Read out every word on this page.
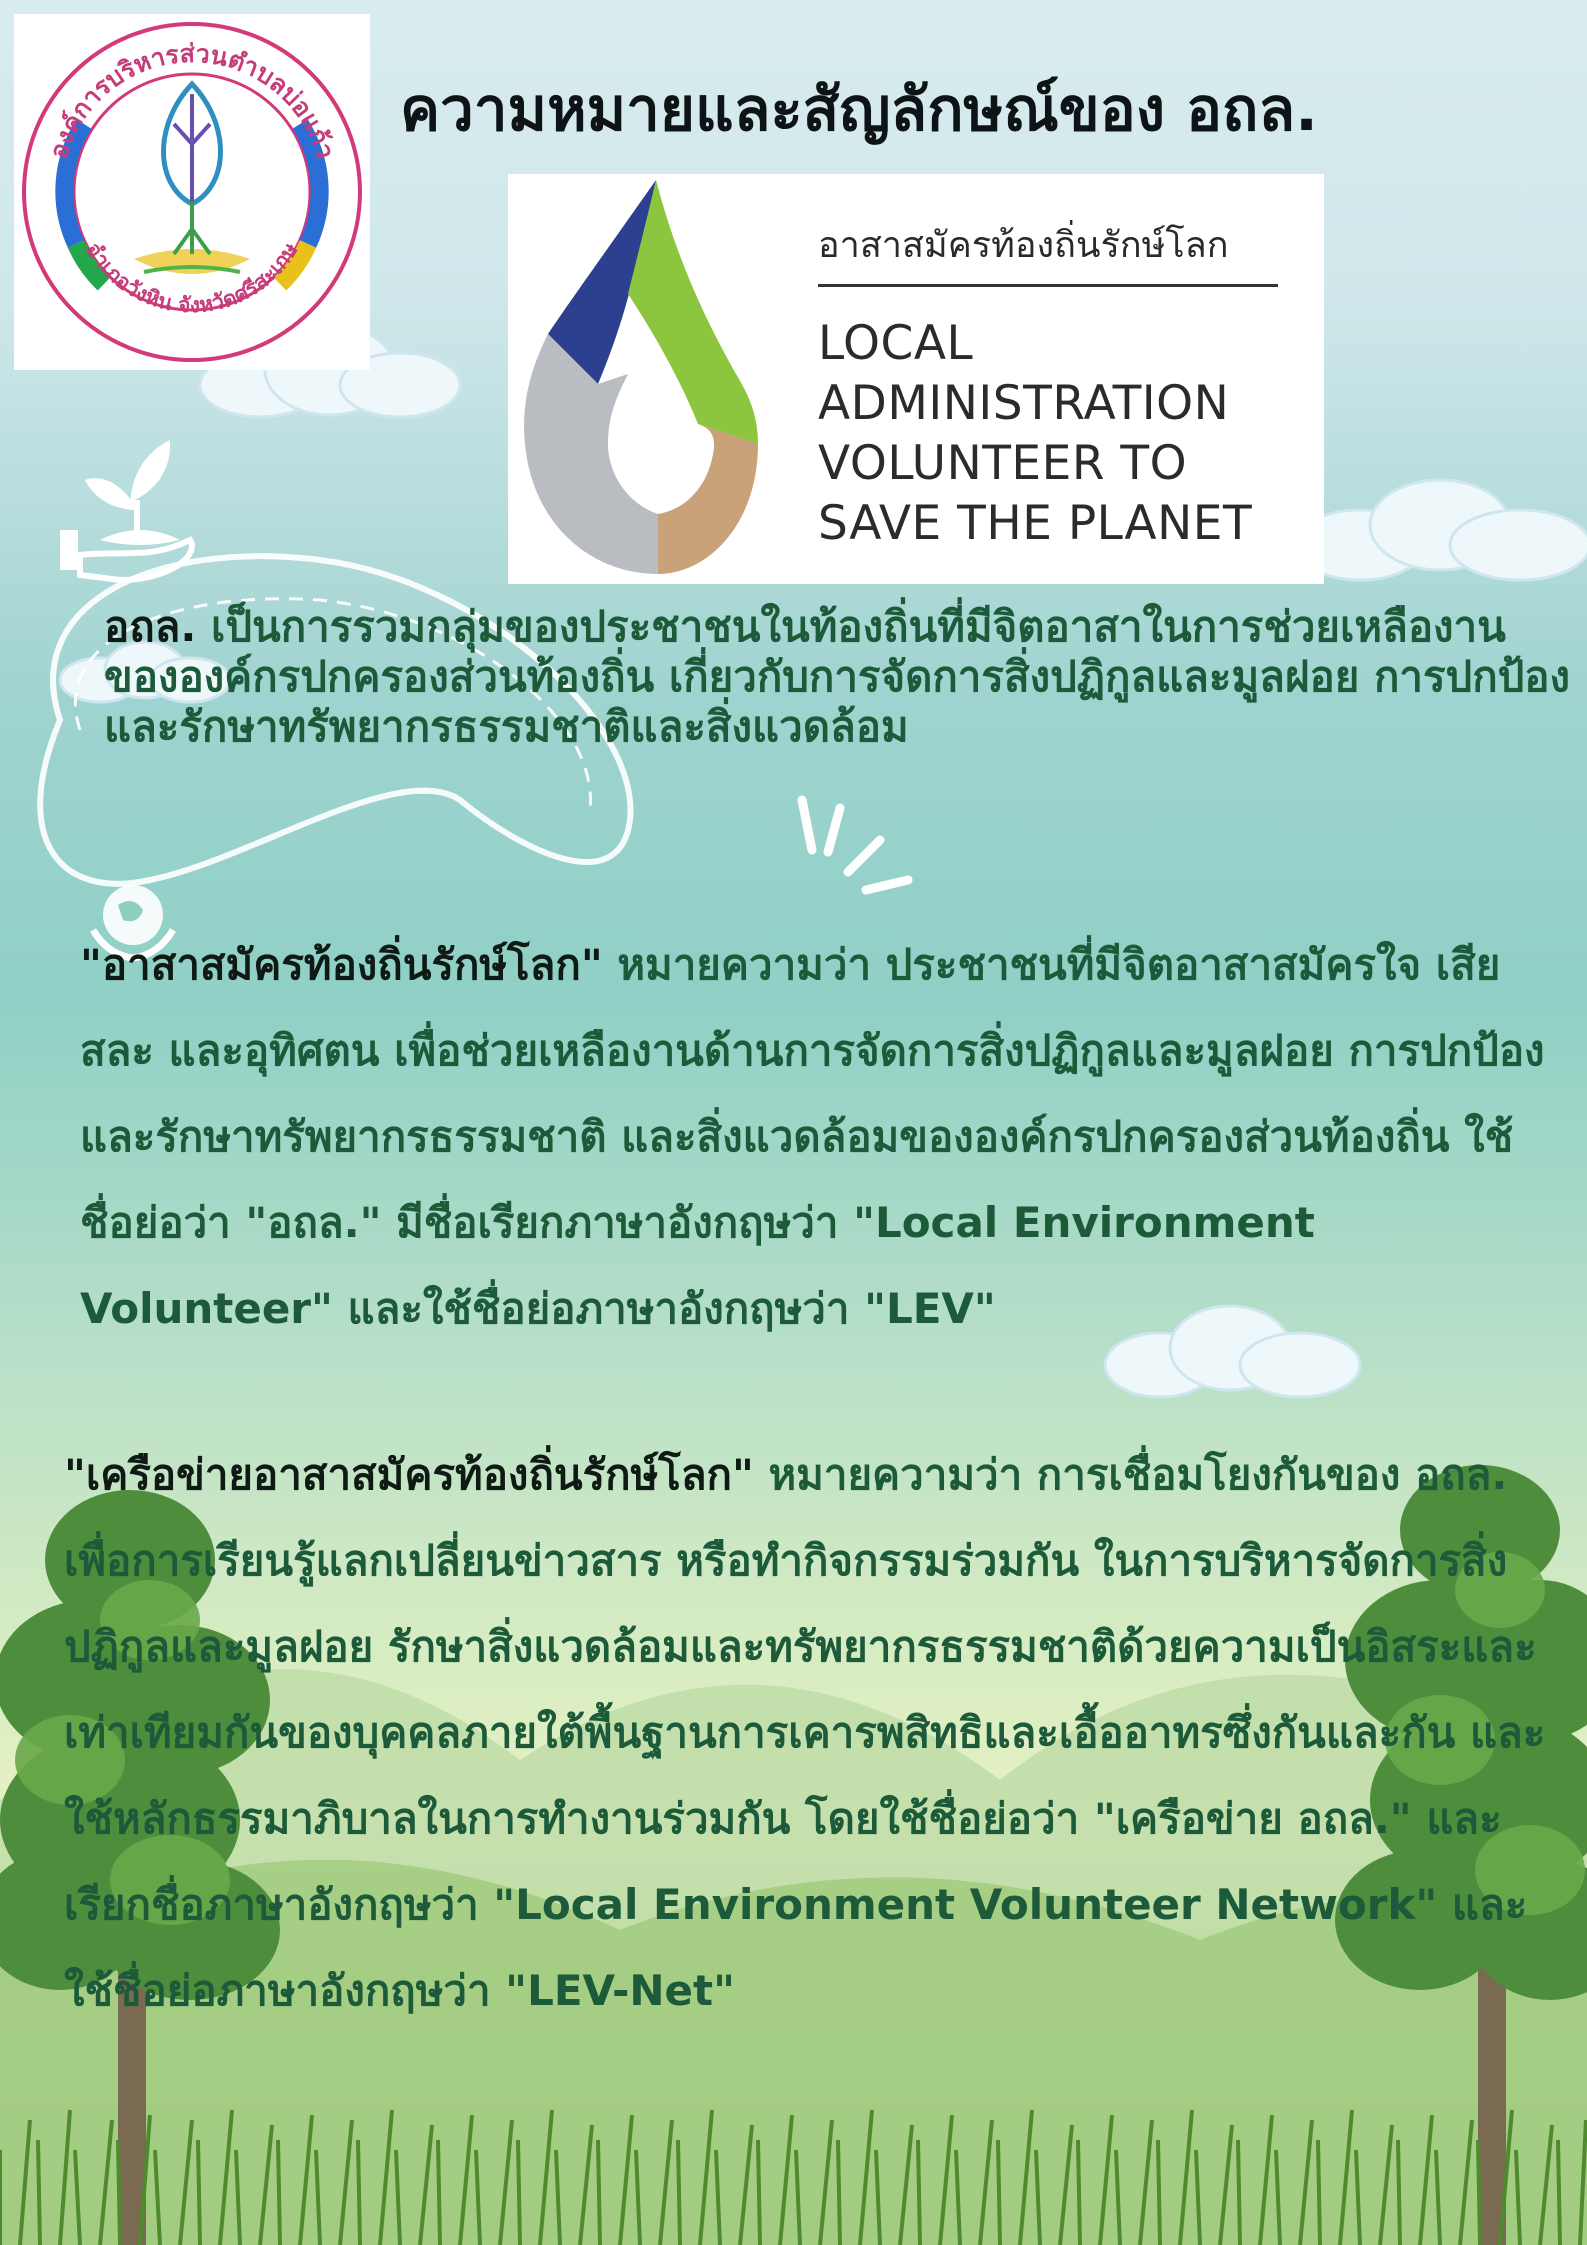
องค์การบริหารส่วนตำบลบ่อแก้ว
อำเภอวังหิน จังหวัดศรีสะเกษ
ความหมายและสัญลักษณ์ของ อถล.
อาสาสมัครท้องถิ่นรักษ์โลก
LOCAL
ADMINISTRATION
VOLUNTEER TO
SAVE THE PLANET

อถล. เป็นการรวมกลุ่มของประชาชนในท้องถิ่นที่มีจิตอาสาในการช่วยเหลืองานขององค์กรปกครองส่วนท้องถิ่น เกี่ยวกับการจัดการสิ่งปฏิกูลและมูลฝอย การปกป้องและรักษาทรัพยากรธรรมชาติและสิ่งแวดล้อม

"อาสาสมัครท้องถิ่นรักษ์โลก" หมายความว่า ประชาชนที่มีจิตอาสาสมัครใจ เสียสละ และอุทิศตน เพื่อช่วยเหลืองานด้านการจัดการสิ่งปฏิกูลและมูลฝอย การปกป้อง และรักษาทรัพยากรธรรมชาติ และสิ่งแวดล้อมขององค์กรปกครองส่วนท้องถิ่น ใช้ชื่อย่อว่า "อถล." มีชื่อเรียกภาษาอังกฤษว่า "Local Environment Volunteer" และใช้ชื่อย่อภาษาอังกฤษว่า "LEV"

"เครือข่ายอาสาสมัครท้องถิ่นรักษ์โลก" หมายความว่า การเชื่อมโยงกันของ อถล. เพื่อการเรียนรู้แลกเปลี่ยนข่าวสาร หรือทำกิจกรรมร่วมกัน ในการบริหารจัดการสิ่งปฏิกูลและมูลฝอย รักษาสิ่งแวดล้อมและทรัพยากรธรรมชาติด้วยความเป็นอิสระและเท่าเทียมกันของบุคคลภายใต้พื้นฐานการเคารพสิทธิและเอื้ออาทรซึ่งกันและกัน และใช้หลักธรรมาภิบาลในการทำงานร่วมกัน โดยใช้ชื่อย่อว่า "เครือข่าย อถล." และเรียกชื่อภาษาอังกฤษว่า "Local Environment Volunteer Network" และใช้ชื่อย่อภาษาอังกฤษว่า "LEV-Net"
